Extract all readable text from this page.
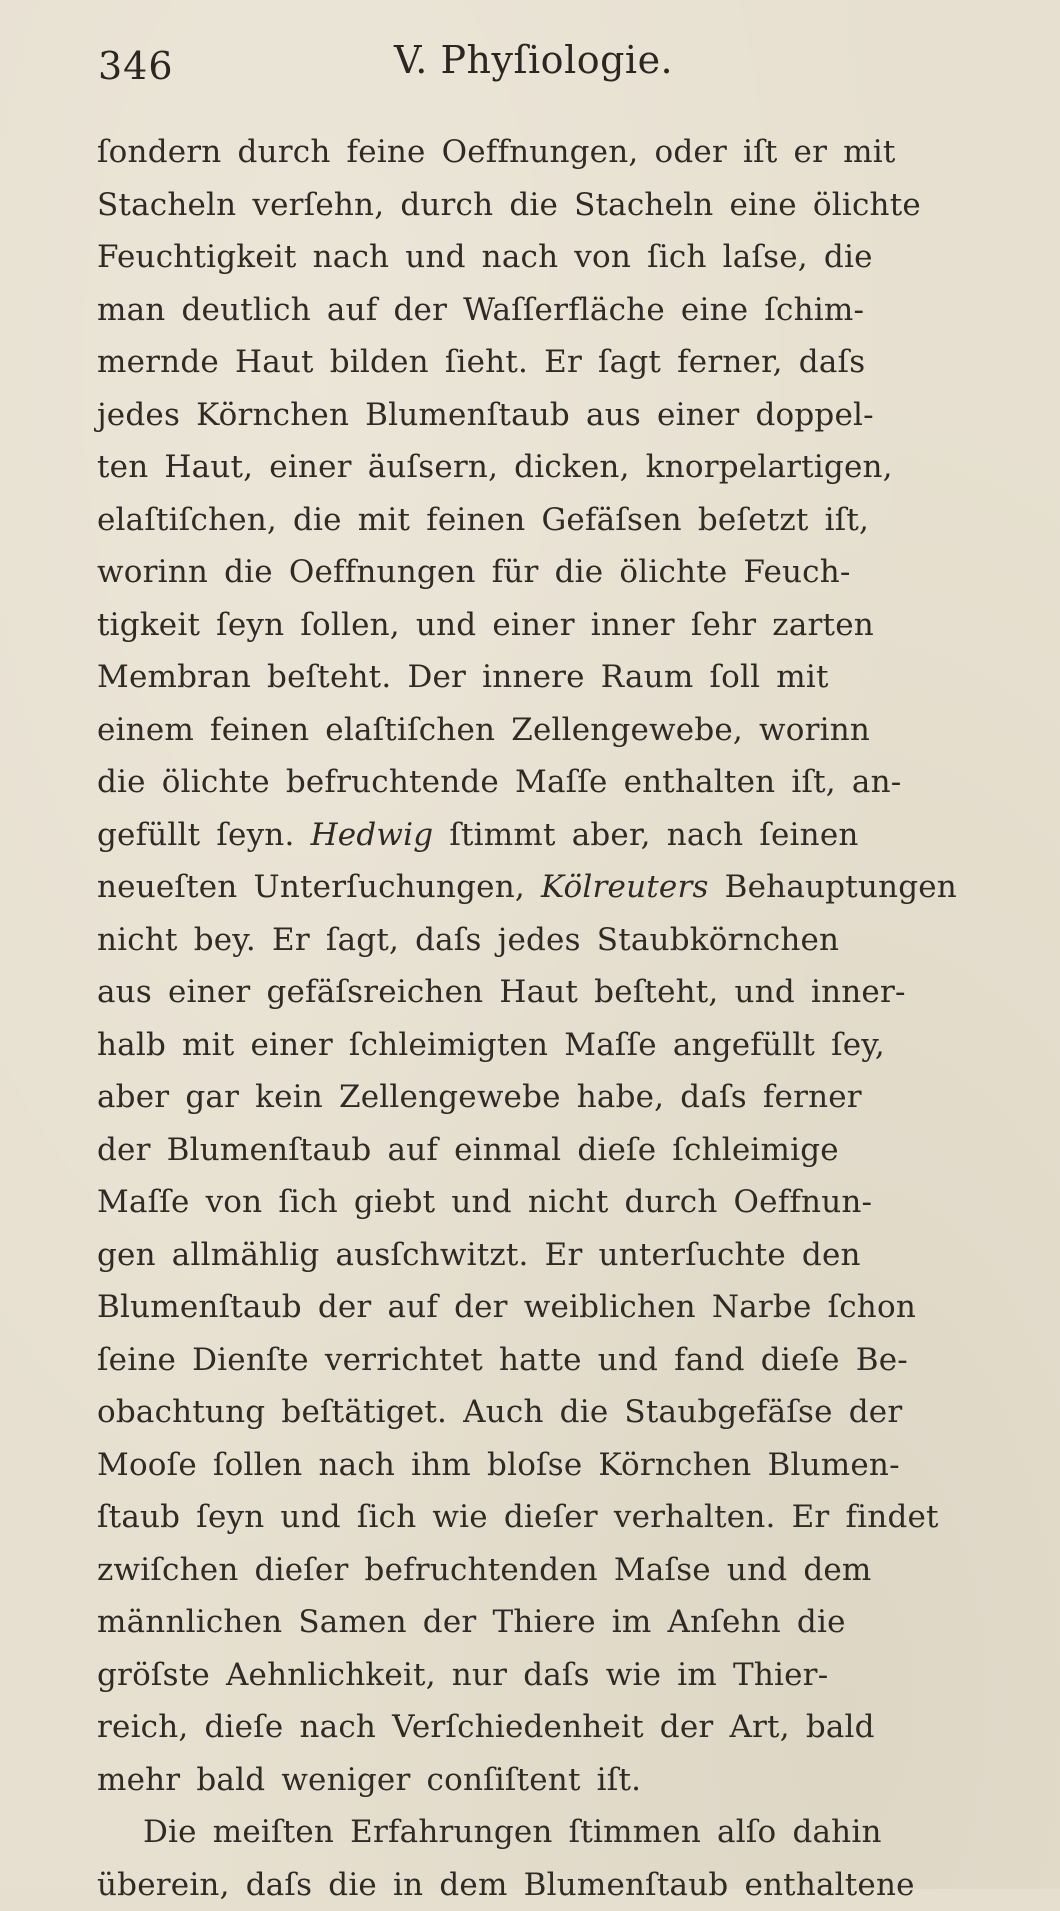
346	V. Phyſiologie.
ſondern durch feine Oeffnungen, oder iſt er mit
Stacheln verſehn, durch die Stacheln eine ölichte
Feuchtigkeit nach und nach von ſich laſse, die
man deutlich auf der Waſſerfläche eine ſchim-
mernde Haut bilden ſieht. Er ſagt ferner, daſs
jedes Körnchen Blumenſtaub aus einer doppel-
ten Haut, einer äuſsern, dicken, knorpelartigen,
elaſtiſchen, die mit feinen Gefäſsen beſetzt iſt,
worinn die Oeffnungen für die ölichte Feuch-
tigkeit ſeyn ſollen, und einer inner ſehr zarten
Membran beſteht. Der innere Raum ſoll mit
einem feinen elaſtiſchen Zellengewebe, worinn
die ölichte befruchtende Maſſe enthalten iſt, an-
gefüllt ſeyn. Hedwig ſtimmt aber, nach ſeinen
neueſten Unterſuchungen, Kölreuters Behauptungen
nicht bey. Er ſagt, daſs jedes Staubkörnchen
aus einer gefäſsreichen Haut beſteht, und inner-
halb mit einer ſchleimigten Maſſe angefüllt ſey,
aber gar kein Zellengewebe habe, daſs ferner
der Blumenſtaub auf einmal dieſe ſchleimige
Maſſe von ſich giebt und nicht durch Oeffnun-
gen allmählig ausſchwitzt. Er unterſuchte den
Blumenſtaub der auf der weiblichen Narbe ſchon
ſeine Dienſte verrichtet hatte und fand dieſe Be-
obachtung beſtätiget. Auch die Staubgefäſse der
Mooſe ſollen nach ihm bloſse Körnchen Blumen-
ſtaub ſeyn und ſich wie dieſer verhalten. Er findet
zwiſchen dieſer befruchtenden Maſse und dem
männlichen Samen der Thiere im Anſehn die
gröſste Aehnlichkeit, nur daſs wie im Thier-
reich, dieſe nach Verſchiedenheit der Art, bald
mehr bald weniger conſiſtent iſt.
Die meiſten Erfahrungen ſtimmen alſo dahin
überein, daſs die in dem Blumenſtaub enthaltene
